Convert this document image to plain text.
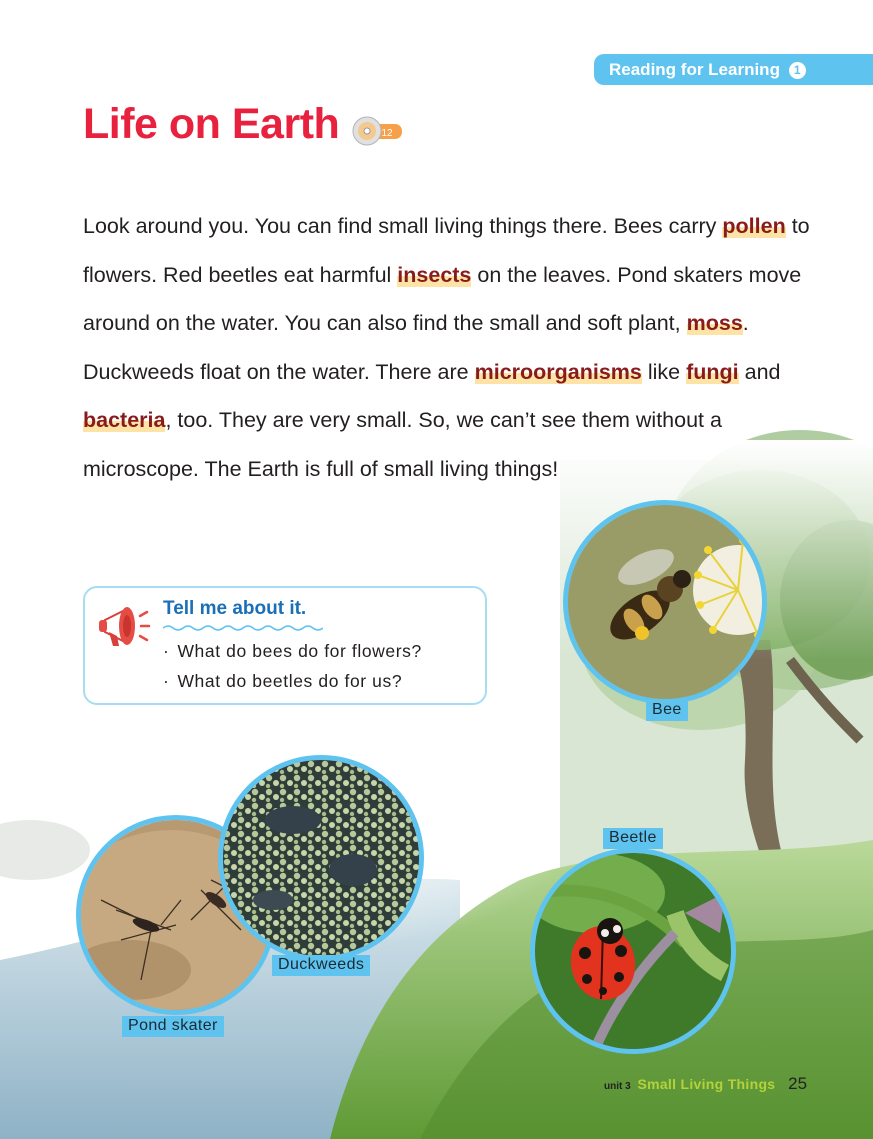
Reading for Learning 1
Life on Earth	12

Look around you. You can find small living things there. Bees carry pollen to flowers. Red beetles eat harmful insects on the leaves. Pond skaters move around on the water. You can also find the small and soft plant, moss. Duckweeds float on the water. There are microorganisms like fungi and bacteria, too. They are very small. So, we can’t see them without a microscope. The Earth is full of small living things!

Tell me about it.

· What do bees do for flowers?
· What do beetles do for us?
Bee
Beetle
Pond skater
Duckweeds
unit 3 Small Living Things 25
